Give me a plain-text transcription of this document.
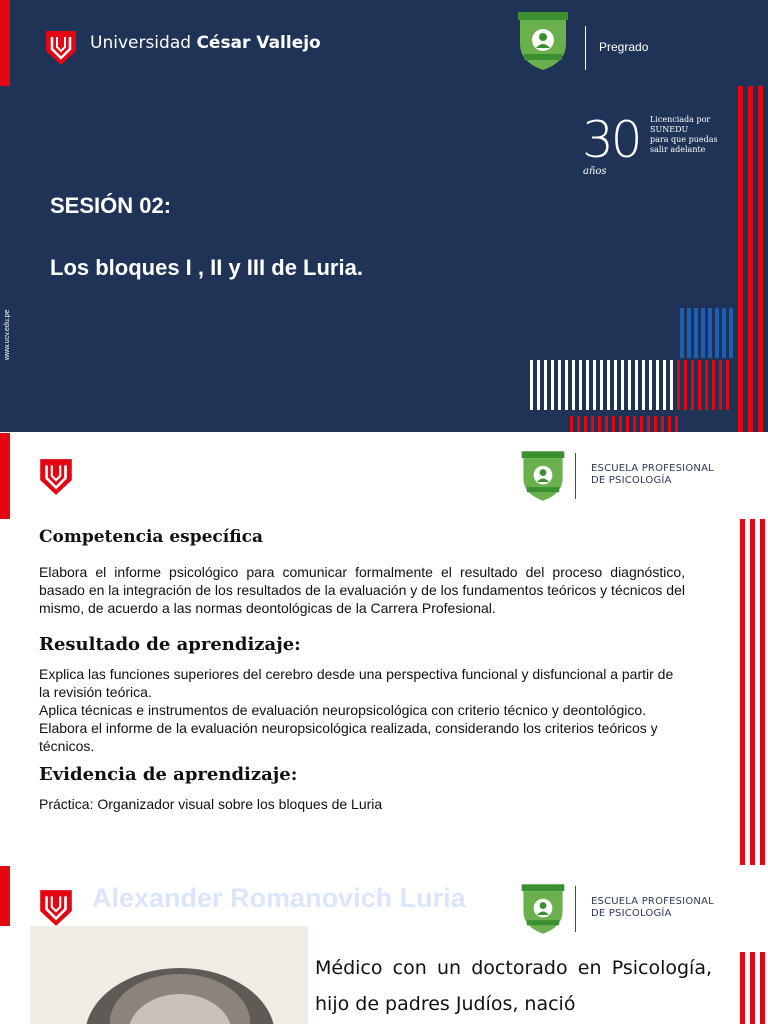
Universidad César Vallejo	Pregrado
30
años
Licenciada por
SUNEDU
para que puedas
salir adelante
SESIÓN 02:
Los bloques I , II y III de Luria.
www.ucv.edu.pe
ESCUELA PROFESIONAL
DE PSICOLOGÍA
Competencia específica
Elabora el informe psicológico para comunicar formalmente el resultado del proceso diagnóstico, basado en la integración de los resultados de la evaluación y de los fundamentos teóricos y técnicos del mismo, de acuerdo a las normas deontológicas de la Carrera Profesional.
Resultado de aprendizaje:
Explica las funciones superiores del cerebro desde una perspectiva funcional y disfuncional a partir de la revisión teórica.
Aplica técnicas e instrumentos de evaluación neuropsicológica con criterio técnico y deontológico.
Elabora el informe de la evaluación neuropsicológica realizada, considerando los criterios teóricos y técnicos.
Evidencia de aprendizaje:
Práctica: Organizador visual sobre los bloques de Luria
Alexander Romanovich Luria	ESCUELA PROFESIONAL
DE PSICOLOGÍA
Médico con un doctorado en Psicología, hijo de padres Judíos, nació
